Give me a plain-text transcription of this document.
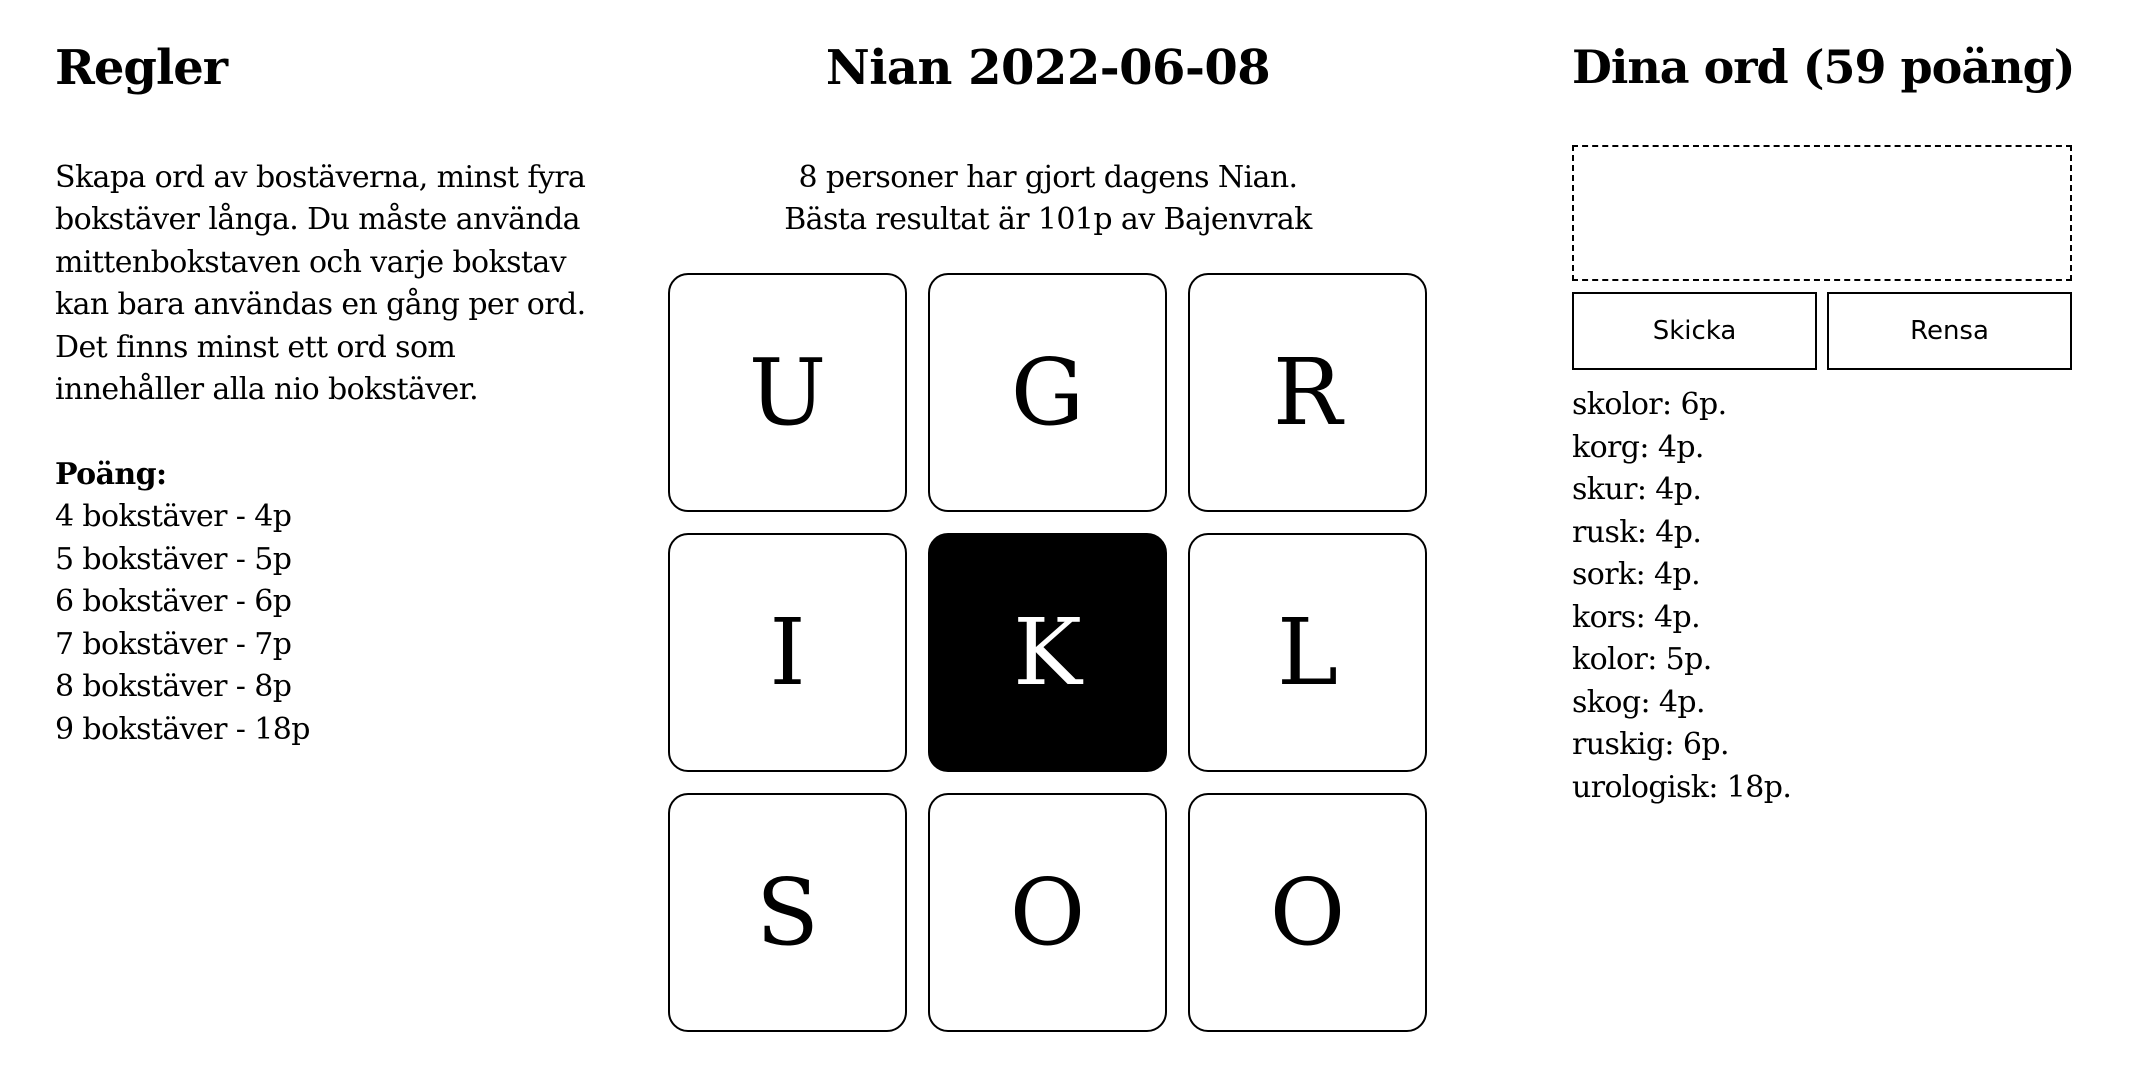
Regler
Skapa ord av bostäverna, minst fyra
bokstäver långa. Du måste använda
mittenbokstaven och varje bokstav
kan bara användas en gång per ord.
Det finns minst ett ord som
innehåller alla nio bokstäver.
Poäng:
4 bokstäver - 4p
5 bokstäver - 5p
6 bokstäver - 6p
7 bokstäver - 7p
8 bokstäver - 8p
9 bokstäver - 18p
Nian 2022-06-08
8 personer har gjort dagens Nian.
Bästa resultat är 101p av Bajenvrak
U	G	R
I	K	L
S	O	O
Dina ord (59 poäng)
Skicka	Rensa
skolor: 6p.
korg: 4p.
skur: 4p.
rusk: 4p.
sork: 4p.
kors: 4p.
kolor: 5p.
skog: 4p.
ruskig: 6p.
urologisk: 18p.
